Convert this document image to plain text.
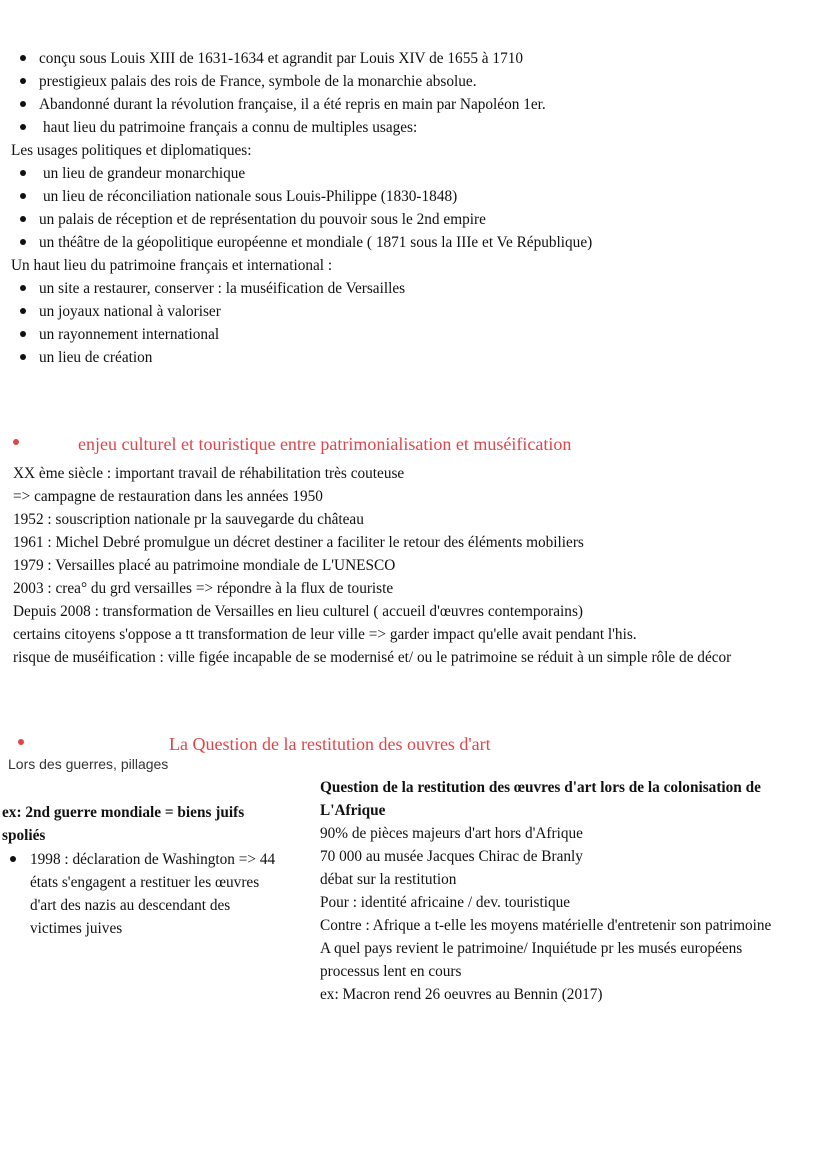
conçu sous Louis XIII de 1631-1634 et agrandit par Louis XIV de 1655 à 1710
prestigieux palais des rois de France, symbole de la monarchie absolue.
Abandonné durant la révolution française, il a été repris en main par Napoléon 1er.
haut lieu du patrimoine français a connu de multiples usages:
Les usages politiques et diplomatiques:
un lieu de grandeur monarchique
un lieu de réconciliation nationale sous Louis-Philippe (1830-1848)
un palais de réception et de représentation du pouvoir sous le 2nd empire
un théâtre de la géopolitique européenne et mondiale ( 1871 sous la IIIe et Ve République)
Un haut lieu du patrimoine français et international :
un site a restaurer, conserver : la muséification de Versailles
un joyaux national à valoriser
un rayonnement international
un lieu de création
enjeu culturel et touristique entre patrimonialisation et muséification
XX ème siècle : important travail de réhabilitation très couteuse
=> campagne de restauration dans les années 1950
1952 : souscription nationale pr la sauvegarde du château
1961 : Michel Debré promulgue un décret destiner a faciliter le retour des éléments mobiliers
1979 : Versailles placé au patrimoine mondiale de L'UNESCO
2003 : crea° du grd versailles => répondre à la flux de touriste
Depuis 2008 : transformation de Versailles en lieu culturel ( accueil d'œuvres contemporains)
certains citoyens s'oppose a tt transformation de leur ville => garder impact qu'elle avait pendant l'his.
risque de muséification : ville figée incapable de se modernisé et/ ou le patrimoine se réduit à un simple rôle de décor
La Question de la restitution des ouvres d'art
Lors des guerres, pillages
ex: 2nd guerre mondiale = biens juifs
spoliés
1998 : déclaration de Washington => 44
états s'engagent a restituer les œuvres
d'art des nazis au descendant des
victimes juives
Question de la restitution des œuvres d'art lors de la colonisation de
L'Afrique
90% de pièces majeurs d'art hors d'Afrique
70 000 au musée Jacques Chirac de Branly
débat sur la restitution
Pour : identité africaine / dev. touristique
Contre : Afrique a t-elle les moyens matérielle d'entretenir son patrimoine
A quel pays revient le patrimoine/ Inquiétude pr les musés européens
processus lent en cours
ex: Macron rend 26 oeuvres au Bennin (2017)
